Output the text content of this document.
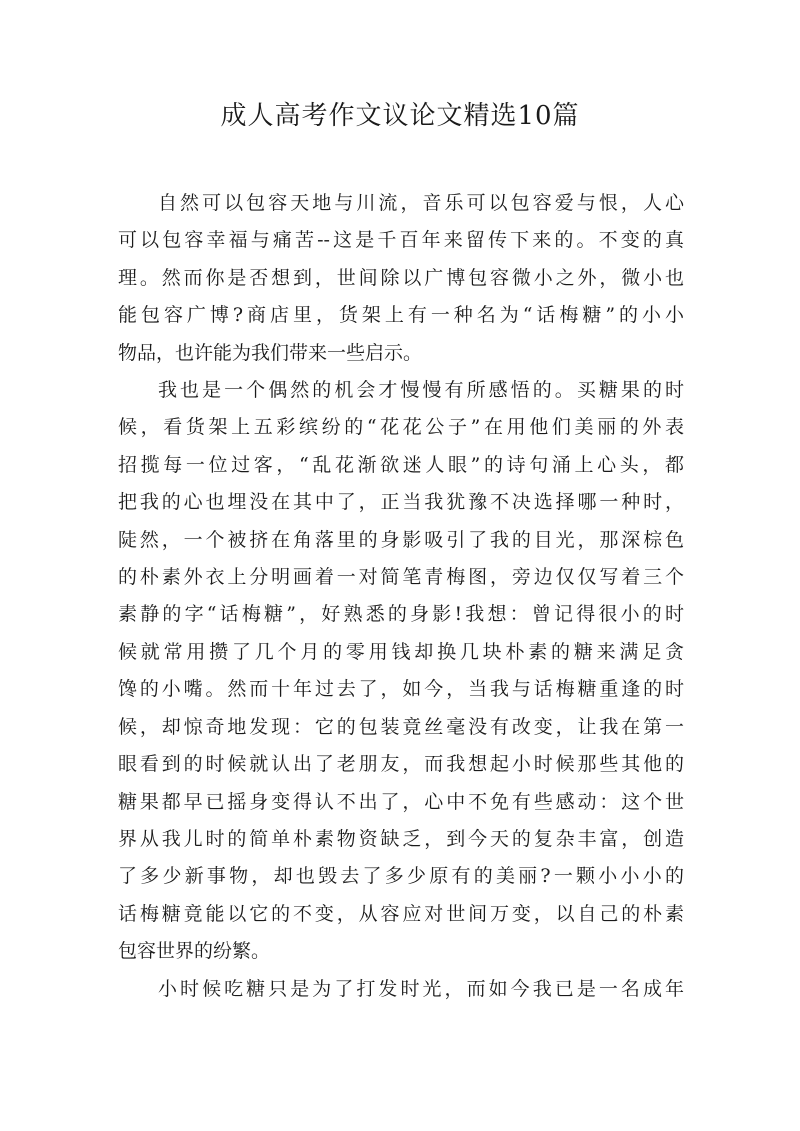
成人高考作文议论文精选10篇

自然可以包容天地与川流，音乐可以包容爱与恨，人心
可以包容幸福与痛苦--这是千百年来留传下来的。不变的真
理。然而你是否想到，世间除以广博包容微小之外，微小也
能包容广博?商店里，货架上有一种名为“话梅糖”的小小
物品，也许能为我们带来一些启示。

我也是一个偶然的机会才慢慢有所感悟的。买糖果的时
候，看货架上五彩缤纷的“花花公子”在用他们美丽的外表
招揽每一位过客，“乱花渐欲迷人眼”的诗句涌上心头，都
把我的心也埋没在其中了，正当我犹豫不决选择哪一种时，
陡然，一个被挤在角落里的身影吸引了我的目光，那深棕色
的朴素外衣上分明画着一对简笔青梅图，旁边仅仅写着三个
素静的字“话梅糖”，好熟悉的身影!我想：曾记得很小的时
候就常用攒了几个月的零用钱却换几块朴素的糖来满足贪
馋的小嘴。然而十年过去了，如今，当我与话梅糖重逢的时
候，却惊奇地发现：它的包装竟丝毫没有改变，让我在第一
眼看到的时候就认出了老朋友，而我想起小时候那些其他的
糖果都早已摇身变得认不出了，心中不免有些感动：这个世
界从我儿时的简单朴素物资缺乏，到今天的复杂丰富，创造
了多少新事物，却也毁去了多少原有的美丽?一颗小小小的
话梅糖竟能以它的不变，从容应对世间万变，以自己的朴素
包容世界的纷繁。

小时候吃糖只是为了打发时光，而如今我已是一名成年
